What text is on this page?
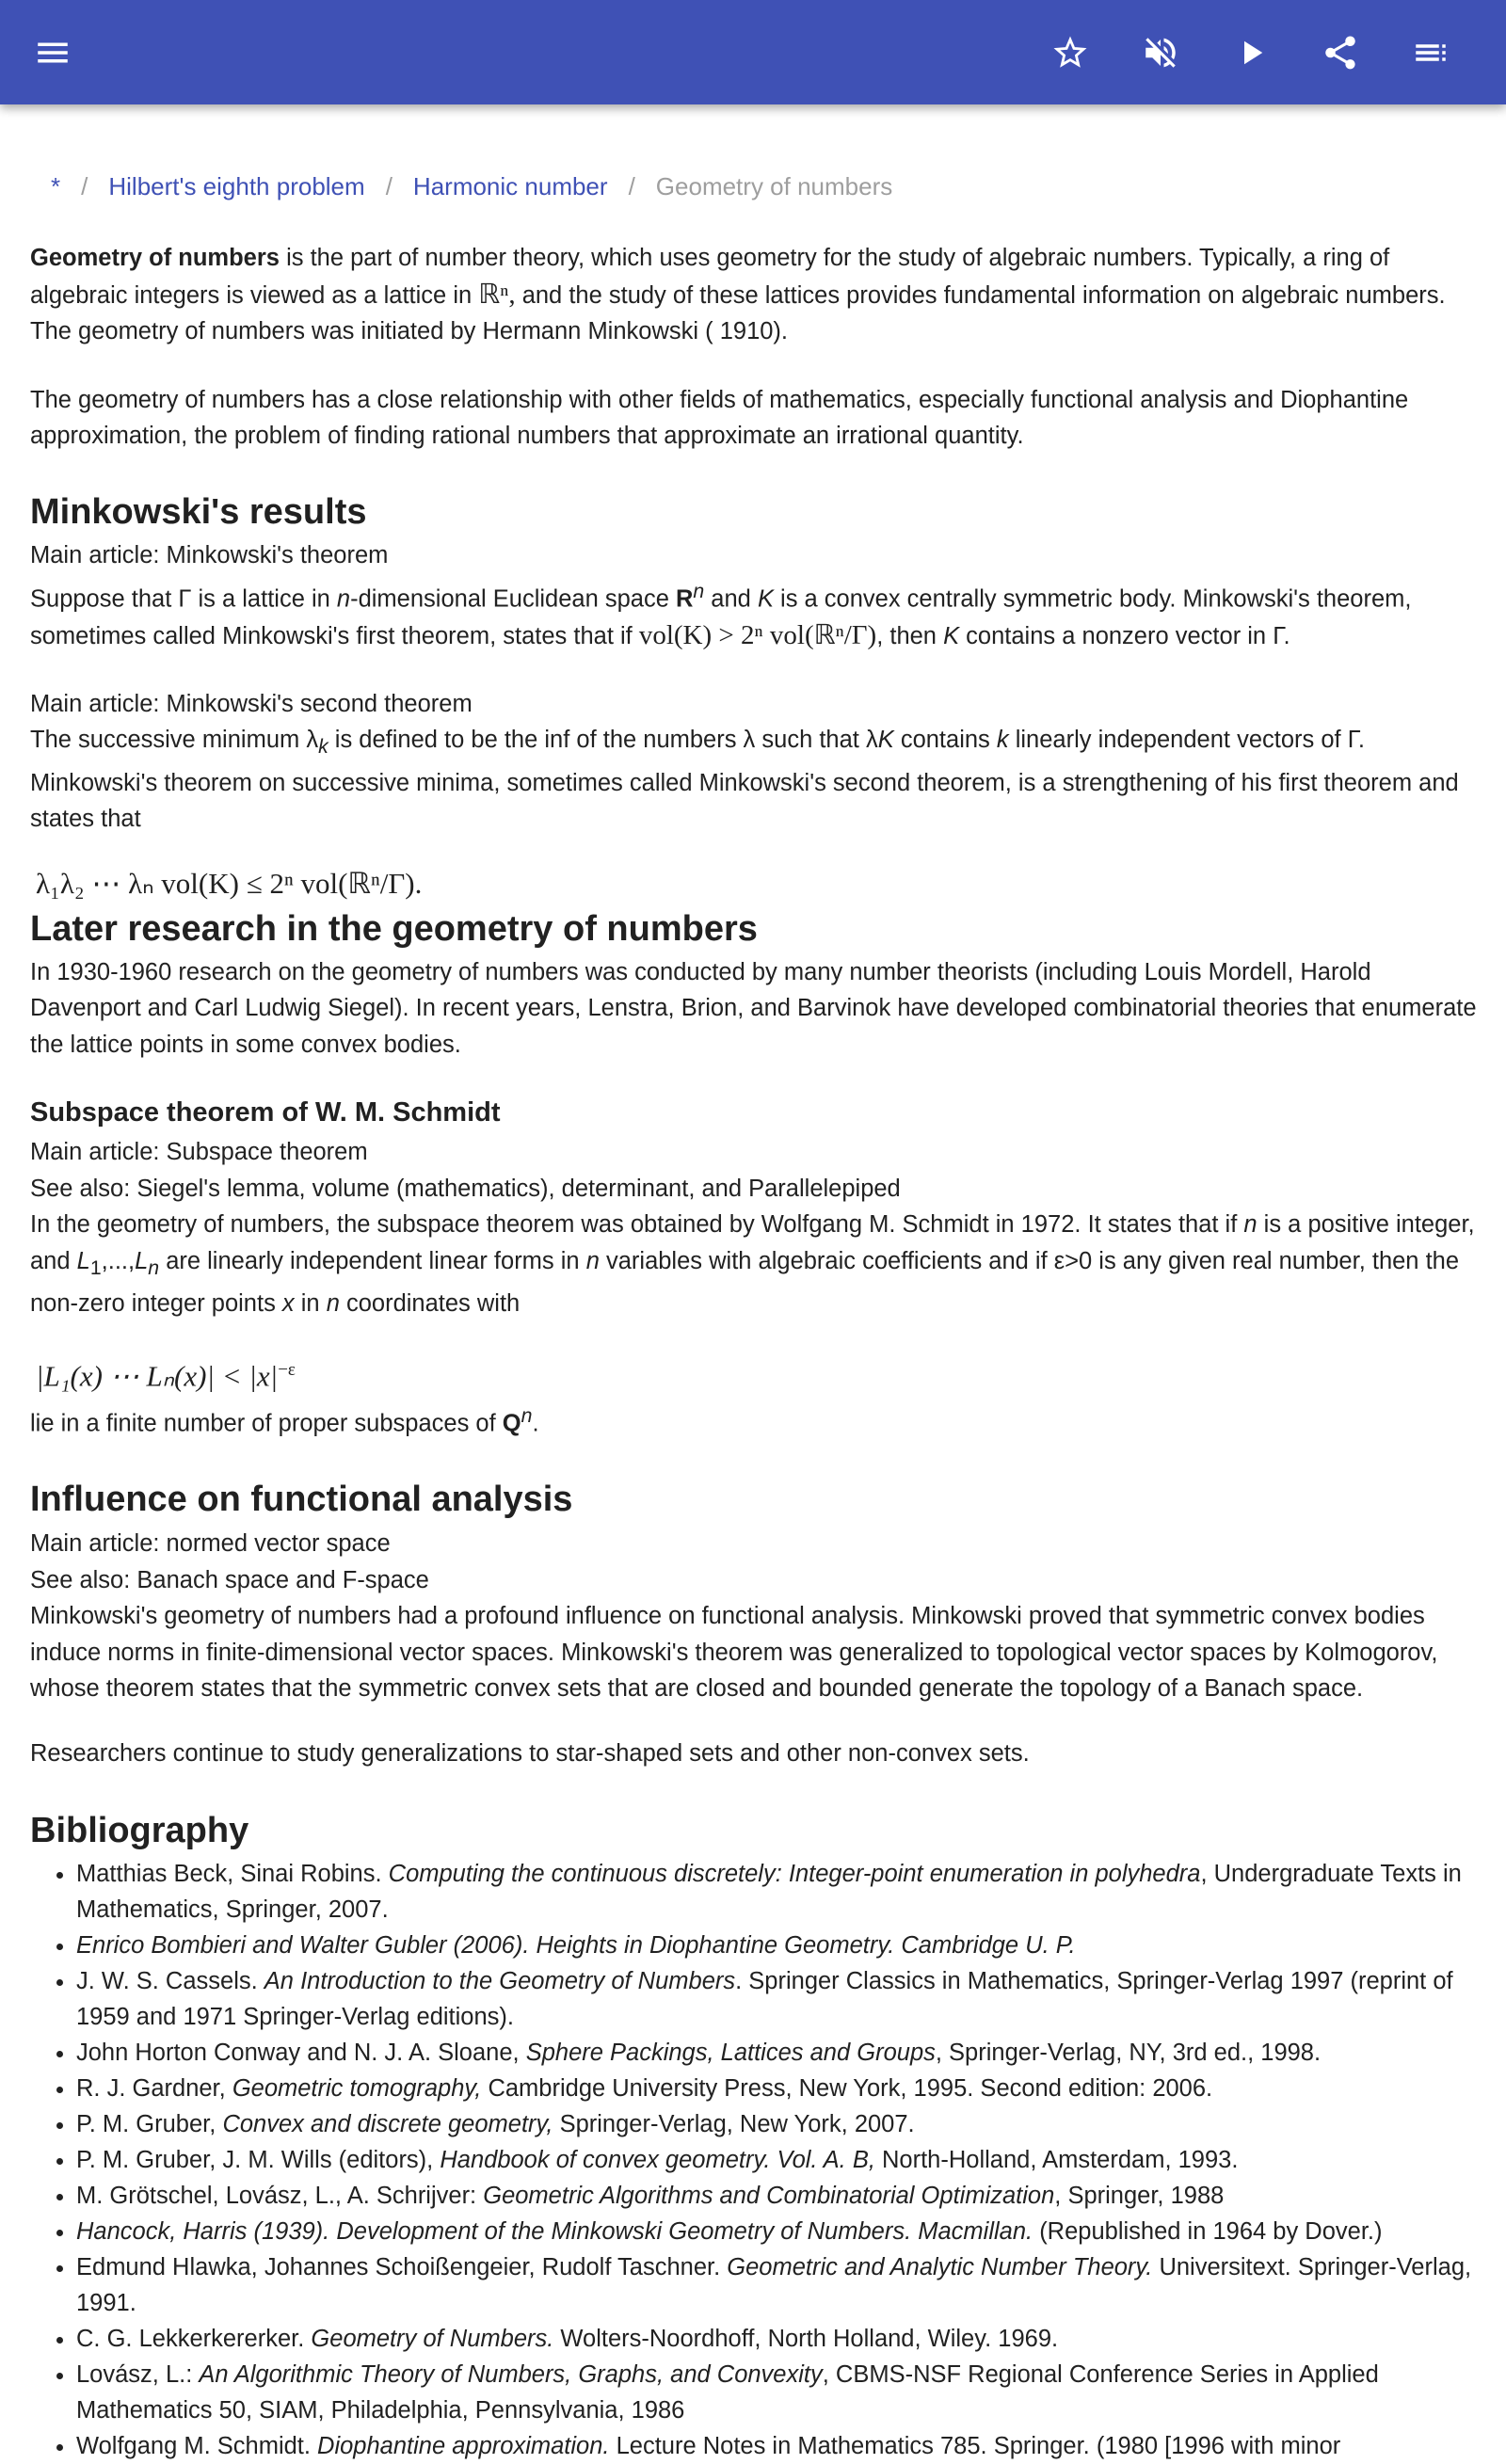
* / Hilbert's eighth problem / Harmonic number / Geometry of numbers

Geometry of numbers is the part of number theory, which uses geometry for the study of algebraic numbers. Typically, a ring of algebraic integers is viewed as a lattice in ℝⁿ, and the study of these lattices provides fundamental information on algebraic numbers. The geometry of numbers was initiated by Hermann Minkowski ( 1910).

The geometry of numbers has a close relationship with other fields of mathematics, especially functional analysis and Diophantine approximation, the problem of finding rational numbers that approximate an irrational quantity.

Minkowski's results

Main article: Minkowski's theorem

Suppose that Γ is a lattice in n-dimensional Euclidean space $R^n$ and K is a convex centrally symmetric body. Minkowski's theorem, sometimes called Minkowski's first theorem, states that if vol(K) > 2ⁿ vol(ℝⁿ/Γ), then K contains a nonzero vector in Γ.

Main article: Minkowski's second theorem

The successive minimum $\lambda_k$ is defined to be the inf of the numbers λ such that λK contains k linearly independent vectors of Γ. Minkowski's theorem on successive minima, sometimes called Minkowski's second theorem, is a strengthening of his first theorem and states that

λ₁λ₂ ⋯ λₙ vol(K) ≤ 2ⁿ vol(ℝⁿ/Γ).
Later research in the geometry of numbers

In 1930-1960 research on the geometry of numbers was conducted by many number theorists (including Louis Mordell, Harold Davenport and Carl Ludwig Siegel). In recent years, Lenstra, Brion, and Barvinok have developed combinatorial theories that enumerate the lattice points in some convex bodies.

Subspace theorem of W. M. Schmidt

Main article: Subspace theorem

See also: Siegel's lemma, volume (mathematics), determinant, and Parallelepiped

In the geometry of numbers, the subspace theorem was obtained by Wolfgang M. Schmidt in 1972. It states that if n is a positive integer, and $L_1,...,L_n$ are linearly independent linear forms in n variables with algebraic coefficients and if ε>0 is any given real number, then the non-zero integer points x in n coordinates with

|L₁(x) ⋯ $L_n(x)| < |x|^{-\varepsilon}$

lie in a finite number of proper subspaces of $Q^n$.

Influence on functional analysis

Main article: normed vector space

See also: Banach space and F-space

Minkowski's geometry of numbers had a profound influence on functional analysis. Minkowski proved that symmetric convex bodies induce norms in finite-dimensional vector spaces. Minkowski's theorem was generalized to topological vector spaces by Kolmogorov, whose theorem states that the symmetric convex sets that are closed and bounded generate the topology of a Banach space.

Researchers continue to study generalizations to star-shaped sets and other non-convex sets.

Bibliography
• Matthias Beck, Sinai Robins. Computing the continuous discretely: Integer-point enumeration in polyhedra, Undergraduate Texts in Mathematics, Springer, 2007.
• Enrico Bombieri and Walter Gubler (2006). Heights in Diophantine Geometry. Cambridge U. P.
• J. W. S. Cassels. An Introduction to the Geometry of Numbers. Springer Classics in Mathematics, Springer-Verlag 1997 (reprint of 1959 and 1971 Springer-Verlag editions).
• John Horton Conway and N. J. A. Sloane, Sphere Packings, Lattices and Groups, Springer-Verlag, NY, 3rd ed., 1998.
• R. J. Gardner, Geometric tomography, Cambridge University Press, New York, 1995. Second edition: 2006.
• P. M. Gruber, Convex and discrete geometry, Springer-Verlag, New York, 2007.
• P. M. Gruber, J. M. Wills (editors), Handbook of convex geometry. Vol. A. B, North-Holland, Amsterdam, 1993.
• M. Grötschel, Lovász, L., A. Schrijver: Geometric Algorithms and Combinatorial Optimization, Springer, 1988
• Hancock, Harris (1939). Development of the Minkowski Geometry of Numbers. Macmillan. (Republished in 1964 by Dover.)
• Edmund Hlawka, Johannes Schoißengeier, Rudolf Taschner. Geometric and Analytic Number Theory. Universitext. Springer-Verlag, 1991.
• C. G. Lekkerkererker. Geometry of Numbers. Wolters-Noordhoff, North Holland, Wiley. 1969.
• Lovász, L.: An Algorithmic Theory of Numbers, Graphs, and Convexity, CBMS-NSF Regional Conference Series in Applied Mathematics 50, SIAM, Philadelphia, Pennsylvania, 1986
• Wolfgang M. Schmidt. Diophantine approximation. Lecture Notes in Mathematics 785. Springer. (1980 [1996 with minor
